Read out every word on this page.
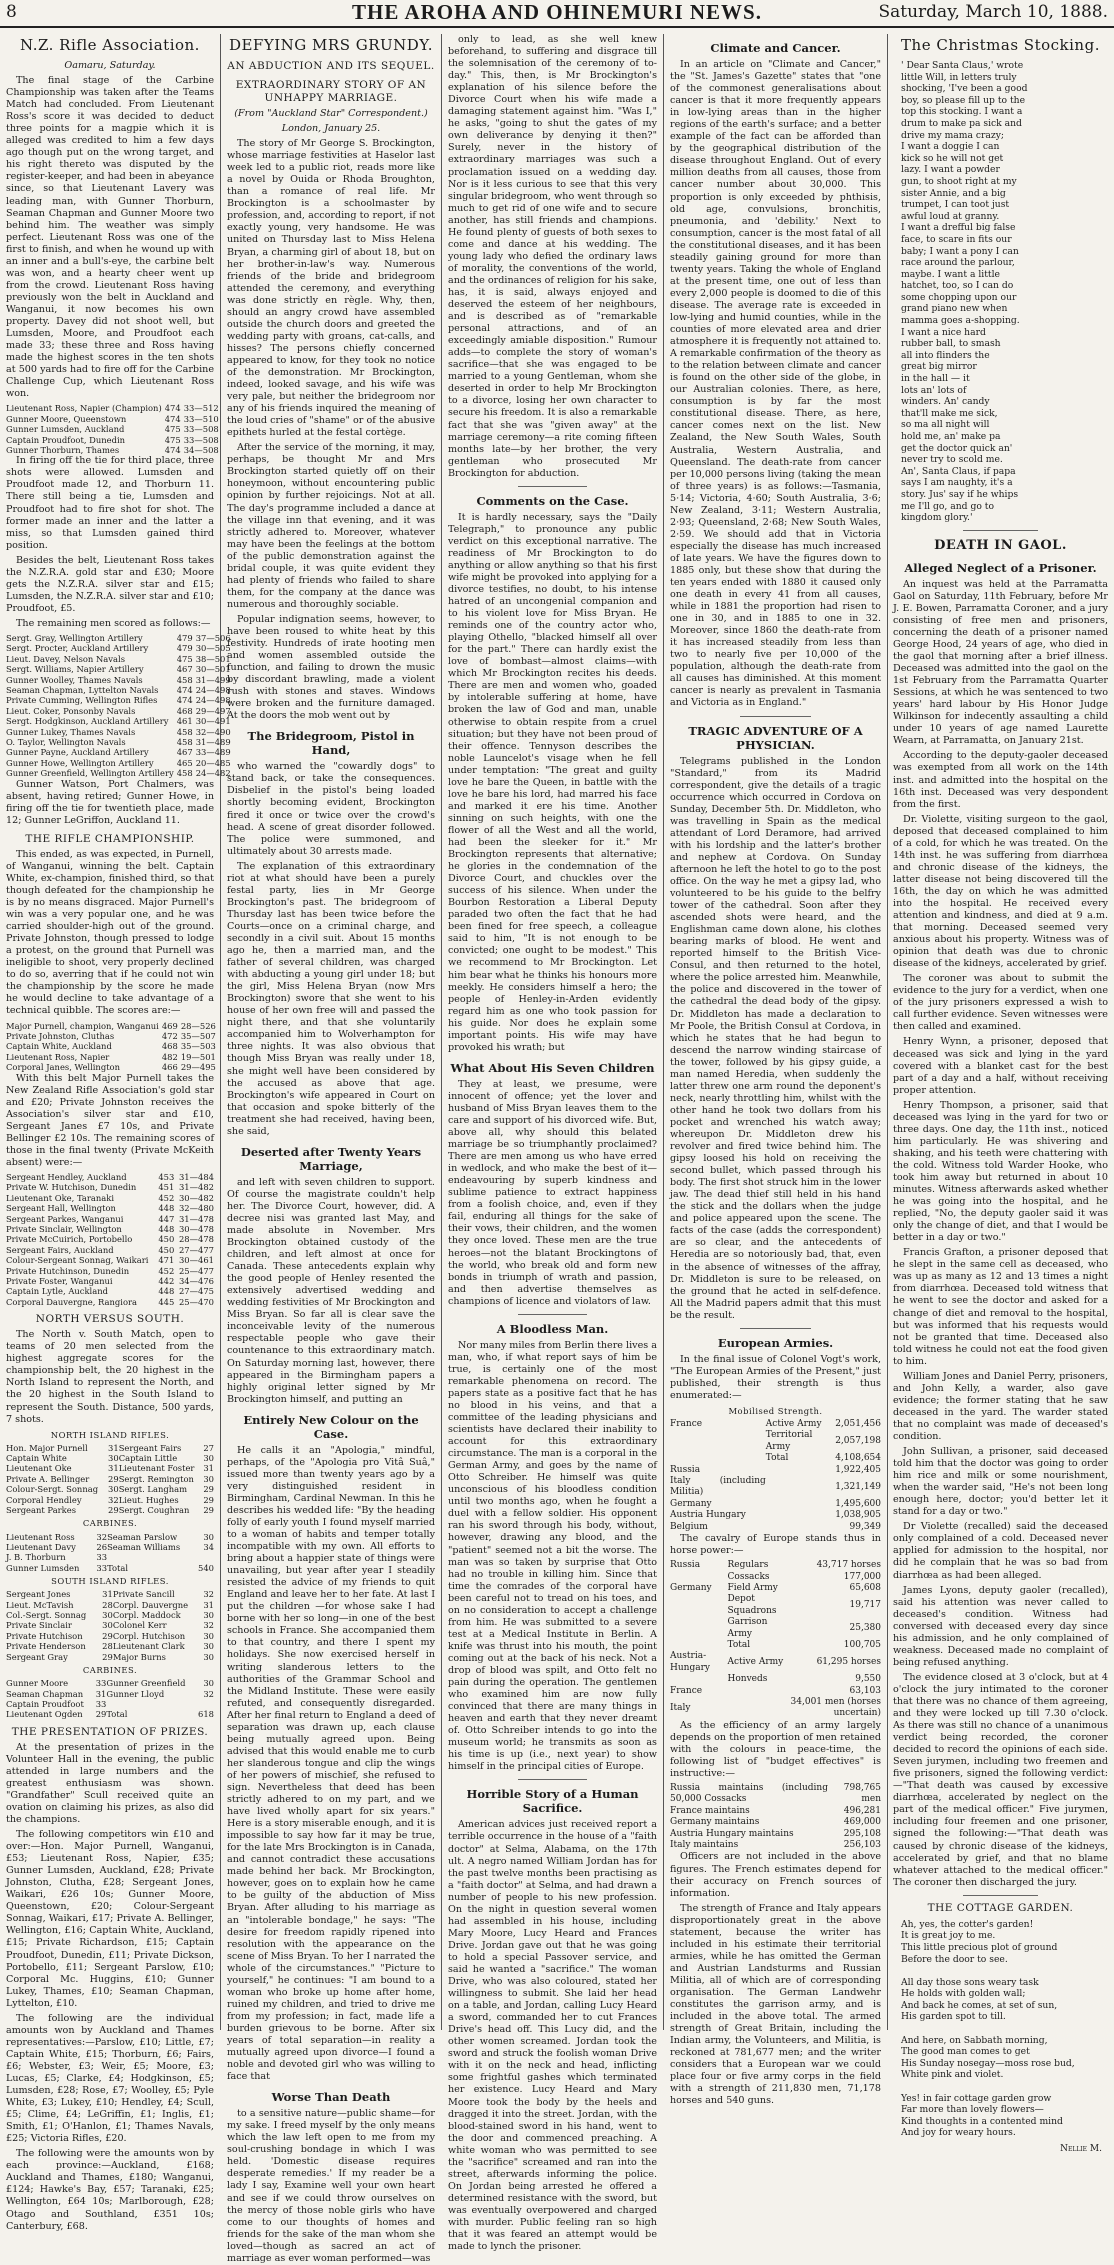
8	THE AROHA AND OHINEMURI NEWS.	Saturday, March 10, 1888.
N.Z. Rifle Association.
Oamaru, Saturday.

The final stage of the Carbine Championship was taken after the Teams Match had concluded. From Lieutenant Ross's score it was decided to deduct three points for a magpie which it is alleged was credited to him a few days ago though put on the wrong target, and his right thereto was disputed by the register-keeper, and had been in abeyance since, so that Lieutenant Lavery was leading man, with Gunner Thorburn, Seaman Chapman and Gunner Moore two behind him. The weather was simply perfect. Lieutenant Ross was one of the first to finish, and when he wound up with an inner and a bull's-eye, the carbine belt was won, and a hearty cheer went up from the crowd. Lieutenant Ross having previously won the belt in Auckland and Wanganui, it now becomes his own property. Davey did not shoot well, but Lumsden, Moore, and Proudfoot each made 33; these three and Ross having made the highest scores in the ten shots at 500 yards had to fire off for the Carbine Challenge Cup, which Lieutenant Ross won.

Lieutenant Ross, Napier (Champion)	474	33—512
Gunner Moore, Queenstown	474	33—510
Gunner Lumsden, Auckland	475	33—508
Captain Proudfoot, Dunedin	475	33—508
Gunner Thorburn, Thames	474	34—508

In firing off the tie for third place, three shots were allowed. Lumsden and Proudfoot made 12, and Thorburn 11. There still being a tie, Lumsden and Proudfoot had to fire shot for shot. The former made an inner and the latter a miss, so that Lumsden gained third position.

Besides the belt, Lieutenant Ross takes the N.Z.R.A. gold star and £30; Moore gets the N.Z.R.A. silver star and £15; Lumsden, the N.Z.R.A. silver star and £10; Proudfoot, £5.

The remaining men scored as follows:—

Sergt. Gray, Wellington Artillery	479	37—506
Sergt. Procter, Auckland Artillery	479	30—505
Lieut. Davey, Nelson Navals	475	38—501
Sergt. Williams, Napier Artillery	467	30—501
Gunner Woolley, Thames Navals	458	31—499
Seaman Chapman, Lyttelton Navals	474	24—498
Private Cumming, Wellington Rifles	474	24—498
Lieut. Coker, Ponsonby Navals	468	29—497
Sergt. Hodgkinson, Auckland Artillery	461	30—491
Gunner Lukey, Thames Navals	458	32—490
O. Taylor, Wellington Navals	458	31—489
Gunner Payne, Auckland Artillery	467	33—489
Gunner Howe, Wellington Artillery	465	20—485
Gunner Greenfield, Wellington Artillery	458	24—482

Gunner Watson, Port Chalmers, was absent, having retired; Gunner Howe, in firing off the tie for twentieth place, made 12; Gunner LeGriffon, Auckland 11.

THE RIFLE CHAMPIONSHIP.

This ended, as was expected, in Purnell, of Wanganui, winning the belt. Captain White, ex-champion, finished third, so that though defeated for the championship he is by no means disgraced. Major Purnell's win was a very popular one, and he was carried shoulder-high out of the ground. Private Johnston, though pressed to lodge a protest, on the ground that Purnell was ineligible to shoot, very properly declined to do so, averring that if he could not win the championship by the score he made he would decline to take advantage of a technical quibble. The scores are:—

Major Purnell, champion, Wanganui	469	28—526
Private Johnston, Cluthas	472	35—507
Captain White, Auckland	468	35—503
Lieutenant Ross, Napier	482	19—501
Corporal Janes, Wellington	466	29—495

With this belt Major Purnell takes the New Zealand Rifle Association's gold star and £20; Private Johnston receives the Association's silver star and £10, Sergeant Janes £7 10s, and Private Bellinger £2 10s. The remaining scores of those in the final twenty (Private McKeith absent) were:—

Sergeant Hendley, Auckland	453	31—484
Private W. Hutchison, Dunedin	451	31—482
Lieutenant Oke, Taranaki	452	30—482
Sergeant Hall, Wellington	448	32—480
Sergeant Parkes, Wanganui	447	31—478
Private Sinclair, Wellington	448	30—478
Private McCuirich, Portobello	450	28—478
Sergeant Fairs, Auckland	450	27—477
Colour-Sergeant Sonnag, Waikari	471	30—461
Private Hutchinson, Dunedin	452	25—477
Private Foster, Wanganui	442	34—476
Captain Lytle, Auckland	448	27—475
Corporal Dauvergne, Rangiora	445	25—470
NORTH VERSUS SOUTH.

The North v. South Match, open to teams of 20 men selected from the highest aggregate scores for the championship belt, the 20 highest in the North Island to represent the North, and the 20 highest in the South Island to represent the South. Distance, 500 yards, 7 shots.

NORTH ISLAND RIFLES.
Hon. Major Purnell	31	Sergeant Fairs	27
Captain White	30	Captain Little	30
Lieutenant Oke	31	Lieutenant Foster	31
Private A. Bellinger	29	Sergt. Remington	30
Colour-Sergt. Sonnag	30	Sergt. Langham	29
Corporal Hendley	32	Lieut. Hughes	29
Sergeant Parkes	29	Sergt. Coughran	29
CARBINES.
Lieutenant Ross	32	Seaman Parslow	30
Lieutenant Davy	26	Seaman Williams	34
J. B. Thorburn	33		
Gunner Lumsden	33	Total	540
SOUTH ISLAND RIFLES.
Sergeant Jones	31	Private Sancill	32
Lieut. McTavish	28	Corpl. Dauvergne	31
Col.-Sergt. Sonnag	30	Corpl. Maddock	30
Private Sinclair	30	Colonel Kerr	32
Private Hutchison	29	Corpl. Hutchison	30
Private Henderson	28	Lieutenant Clark	30
Sergeant Gray	29	Major Burns	30
CARBINES.
Gunner Moore	33	Gunner Greenfield	30
Seaman Chapman	31	Gunner Lloyd	32
Captain Proudfoot	33		
Lieutenant Ogden	29	Total	618
THE PRESENTATION OF PRIZES.

At the presentation of prizes in the Volunteer Hall in the evening, the public attended in large numbers and the greatest enthusiasm was shown. "Grandfather" Scull received quite an ovation on claiming his prizes, as also did the champions.

The following competitors win £10 and over:—Hon. Major Purnell, Wanganui, £53; Lieutenant Ross, Napier, £35; Gunner Lumsden, Auckland, £28; Private Johnston, Clutha, £28; Sergeant Jones, Waikari, £26 10s; Gunner Moore, Queenstown, £20; Colour-Sergeant Sonnag, Waikari, £17; Private A. Bellinger, Wellington, £16; Captain White, Auckland, £15; Private Richardson, £15; Captain Proudfoot, Dunedin, £11; Private Dickson, Portobello, £11; Sergeant Parslow, £10; Corporal Mc. Huggins, £10; Gunner Lukey, Thames, £10; Seaman Chapman, Lyttelton, £10.

The following are the individual amounts won by Auckland and Thames representatives:—Parslow, £10; Little, £7; Captain White, £15; Thorburn, £6; Fairs, £6; Webster, £3; Weir, £5; Moore, £3; Lucas, £5; Clarke, £4; Hodgkinson, £5; Lumsden, £28; Rose, £7; Woolley, £5; Pyle White, £3; Lukey, £10; Hendley, £4; Scull, £5; Clime, £4; LeGriffin, £1; Inglis, £1; Smith, £1; O'Hanlon, £1; Thames Navals, £25; Victoria Rifles, £20.

The following were the amounts won by each province:—Auckland, £168; Auckland and Thames, £180; Wanganui, £124; Hawke's Bay, £57; Taranaki, £25; Wellington, £64 10s; Marlborough, £28; Otago and Southland, £351 10s; Canterbury, £68.

DEFYING MRS GRUNDY.
AN ABDUCTION AND ITS SEQUEL.
EXTRAORDINARY STORY OF AN UNHAPPY MARRIAGE.
(From "Auckland Star" Correspondent.)
London, January 25.

The story of Mr George S. Brockington, whose marriage festivities at Haselor last week led to a public riot, reads more like a novel by Ouida or Rhoda Broughton, than a romance of real life. Mr Brockington is a schoolmaster by profession, and, according to report, if not exactly young, very handsome. He was united on Thursday last to Miss Helena Bryan, a charming girl of about 18, but on her brother-in-law's way. Numerous friends of the bride and bridegroom attended the ceremony, and everything was done strictly en règle. Why, then, should an angry crowd have assembled outside the church doors and greeted the wedding party with groans, cat-calls, and hisses? The persons chiefly concerned appeared to know, for they took no notice of the demonstration. Mr Brockington, indeed, looked savage, and his wife was very pale, but neither the bridegroom nor any of his friends inquired the meaning of the loud cries of "shame" or of the abusive epithets hurled at the festal cortège.

After the service of the morning, it may, perhaps, be thought Mr and Mrs Brockington started quietly off on their honeymoon, without encountering public opinion by further rejoicings. Not at all. The day's programme included a dance at the village inn that evening, and it was strictly adhered to. Moreover, whatever may have been the feelings at the bottom of the public demonstration against the bridal couple, it was quite evident they had plenty of friends who failed to share them, for the company at the dance was numerous and thoroughly sociable.

Popular indignation seems, however, to have been roused to white heat by this festivity. Hundreds of irate hooting men and women assembled outside the function, and failing to drown the music by discordant brawling, made a violent rush with stones and staves. Windows were broken and the furniture damaged. At the doors the mob went out by

The Bridegroom, Pistol in Hand,

who warned the "cowardly dogs" to stand back, or take the consequences. Disbelief in the pistol's being loaded shortly becoming evident, Brockington fired it once or twice over the crowd's head. A scene of great disorder followed. The police were summoned, and ultimately about 30 arrests made.

The explanation of this extraordinary riot at what should have been a purely festal party, lies in Mr George Brockington's past. The bridegroom of Thursday last has been twice before the Courts—once on a criminal charge, and secondly in a civil suit. About 15 months ago he, then a married man, and the father of several children, was charged with abducting a young girl under 18; but the girl, Miss Helena Bryan (now Mrs Brockington) swore that she went to his house of her own free will and passed the night there, and that she voluntarily accompanied him to Wolverhampton for three nights. It was also obvious that though Miss Bryan was really under 18, she might well have been considered by the accused as above that age. Brockington's wife appeared in Court on that occasion and spoke bitterly of the treatment she had received, having been, she said,

Deserted after Twenty Years Marriage,

and left with seven children to support. Of course the magistrate couldn't help her. The Divorce Court, however, did. A decree nisi was granted last May, and made absolute in November. Mrs Brockington obtained custody of the children, and left almost at once for Canada. These antecedents explain why the good people of Henley resented the extensively advertised wedding and wedding festivities of Mr Brockington and Miss Bryan. So far all is clear save the inconceivable levity of the numerous respectable people who gave their countenance to this extraordinary match. On Saturday morning last, however, there appeared in the Birmingham papers a highly original letter signed by Mr Brockington himself, and putting an

Entirely New Colour on the Case.

He calls it an "Apologia," mindful, perhaps, of the "Apologia pro Vitâ Suâ," issued more than twenty years ago by a very distinguished resident in Birmingham, Cardinal Newman. In this he describes his wedded life: "By the heading folly of early youth I found myself married to a woman of habits and temper totally incompatible with my own. All efforts to bring about a happier state of things were unavailing, but year after year I steadily resisted the advice of my friends to quit England and leave her to her fate. At last I put the children —for whose sake I had borne with her so long—in one of the best schools in France. She accompanied them to that country, and there I spent my holidays. She now exercised herself in writing slanderous letters to the authorities of the Grammar School and the Midland Institute. These were easily refuted, and consequently disregarded. After her final return to England a deed of separation was drawn up, each clause being mutually agreed upon. Being advised that this would enable me to curb her slanderous tongue and clip the wings of her powers of mischief, she refused to sign. Nevertheless that deed has been strictly adhered to on my part, and we have lived wholly apart for six years." Here is a story miserable enough, and it is impossible to say how far it may be true, for the late Mrs Brockington is in Canada, and cannot contradict these accusations made behind her back. Mr Brockington, however, goes on to explain how he came to be guilty of the abduction of Miss Bryan. After alluding to his marriage as an "intolerable bondage," he says: "The desire for freedom rapidly ripened into resolution with the appearance on the scene of Miss Bryan. To her I narrated the whole of the circumstances." "Picture to yourself," he continues: "I am bound to a woman who broke up home after home, ruined my children, and tried to drive me from my profession; in fact, made life a burden grievous to be borne. After six years of total separation—in reality a mutually agreed upon divorce—I found a noble and devoted girl who was willing to face that

Worse Than Death

to a sensitive nature—public shame—for my sake. I freed myself by the only means which the law left open to me from my soul-crushing bondage in which I was held. 'Domestic disease requires desperate remedies.' If my reader be a lady I say, Examine well your own heart and see if we could throw ourselves on the mercy of those noble girls who have come to our thoughts of homes and friends for the sake of the man whom she loved—though as sacred an act of marriage as ever woman performed—was

only to lead, as she well knew beforehand, to suffering and disgrace till the solemnisation of the ceremony of to-day." This, then, is Mr Brockington's explanation of his silence before the Divorce Court when his wife made a damaging statement against him. "Was I," he asks, "going to shut the gates of my own deliverance by denying it then?" Surely, never in the history of extraordinary marriages was such a proclamation issued on a wedding day. Nor is it less curious to see that this very singular bridegroom, who went through so much to get rid of one wife and to secure another, has still friends and champions. He found plenty of guests of both sexes to come and dance at his wedding. The young lady who defied the ordinary laws of morality, the conventions of the world, and the ordinances of religion for his sake, has, it is said, always enjoyed and deserved the esteem of her neighbours, and is described as of "remarkable personal attractions, and of an exceedingly amiable disposition." Rumour adds—to complete the story of woman's sacrifice—that she was engaged to be married to a young Gentleman, whom she deserted in order to help Mr Brockington to a divorce, losing her own character to secure his freedom. It is also a remarkable fact that she was "given away" at the marriage ceremony—a rite coming fifteen months late—by her brother, the very gentleman who prosecuted Mr Brockington for abduction.

Comments on the Case.

It is hardly necessary, says the "Daily Telegraph," to pronounce any public verdict on this exceptional narrative. The readiness of Mr Brockington to do anything or allow anything so that his first wife might be provoked into applying for a divorce testifies, no doubt, to his intense hatred of an uncongenial companion and to his violent love for Miss Bryan. He reminds one of the country actor who, playing Othello, "blacked himself all over for the part." There can hardly exist the love of bombast—almost claims—with which Mr Brockington recites his deeds. There are men and women who, goaded by intolerable suffering at home, have broken the law of God and man, unable otherwise to obtain respite from a cruel situation; but they have not been proud of their offence. Tennyson describes the noble Launcelot's visage when he fell under temptation: "The great and guilty love he bare the Queen, in battle with the love he bare his lord, had marred his face and marked it ere his time. Another sinning on such heights, with one the flower of all the West and all the world, had been the sleeker for it." Mr Brockington represents that alternative; he glories in the condemnation of the Divorce Court, and chuckles over the success of his silence. When under the Bourbon Restoration a Liberal Deputy paraded two often the fact that he had been fined for free speech, a colleague said to him, "It is not enough to be convicted; one ought to be modest." This we recommend to Mr Brockington. Let him bear what he thinks his honours more meekly. He considers himself a hero; the people of Henley-in-Arden evidently regard him as one who took passion for his guide. Nor does he explain some important points. His wife may have provoked his wrath; but

What About His Seven Children

They at least, we presume, were innocent of offence; yet the lover and husband of Miss Bryan leaves them to the care and support of his divorced wife. But, above all, why should this belated marriage be so triumphantly proclaimed? There are men among us who have erred in wedlock, and who make the best of it—endeavouring by superb kindness and sublime patience to extract happiness from a foolish choice, and, even if they fail, enduring all things for the sake of their vows, their children, and the women they once loved. These men are the true heroes—not the blatant Brockingtons of the world, who break old and form new bonds in triumph of wrath and passion, and then advertise themselves as champions of licence and violators of law.

A Bloodless Man.

Nor many miles from Berlin there lives a man, who, if what report says of him be true, is certainly one of the most remarkable phenomena on record. The papers state as a positive fact that he has no blood in his veins, and that a committee of the leading physicians and scientists have declared their inability to account for this extraordinary circumstance. The man is a corporal in the German Army, and goes by the name of Otto Schreiber. He himself was quite unconscious of his bloodless condition until two months ago, when he fought a duel with a fellow soldier. His opponent ran his sword through his body, without, however, drawing any blood, and the "patient" seemed not a bit the worse. The man was so taken by surprise that Otto had no trouble in killing him. Since that time the comrades of the corporal have been careful not to tread on his toes, and on no consideration to accept a challenge from him. He was submitted to a severe test at a Medical Institute in Berlin. A knife was thrust into his mouth, the point coming out at the back of his neck. Not a drop of blood was spilt, and Otto felt no pain during the operation. The gentlemen who examined him are now fully convinced that there are many things in heaven and earth that they never dreamt of. Otto Schreiber intends to go into the museum world; he transmits as soon as his time is up (i.e., next year) to show himself in the principal cities of Europe.

Horrible Story of a Human Sacrifice.

American advices just received report a terrible occurrence in the house of a "faith doctor" at Selma, Alabama, on the 17th ult. A negro named William Jordan has for the past twelve months been practising as a "faith doctor" at Selma, and had drawn a number of people to his new profession. On the night in question several women had assembled in his house, including Mary Moore, Lucy Heard and Frances Drive. Jordan gave out that he was going to hold a special Passover service, and said he wanted a "sacrifice." The woman Drive, who was also coloured, stated her willingness to submit. She laid her head on a table, and Jordan, calling Lucy Heard a sword, commanded her to cut Frances Drive's head off. This Lucy did, and the other women screamed. Jordan took the sword and struck the foolish woman Drive with it on the neck and head, inflicting some frightful gashes which terminated her existence. Lucy Heard and Mary Moore took the body by the heels and dragged it into the street. Jordan, with the blood-stained sword in his hand, went to the door and commenced preaching. A white woman who was permitted to see the "sacrifice" screamed and ran into the street, afterwards informing the police. On Jordan being arrested he offered a determined resistance with the sword, but was eventually overpowered and charged with murder. Public feeling ran so high that it was feared an attempt would be made to lynch the prisoner.

Climate and Cancer.

In an article on "Climate and Cancer," the "St. James's Gazette" states that "one of the commonest generalisations about cancer is that it more frequently appears in low-lying areas than in the higher regions of the earth's surface; and a better example of the fact can be afforded than by the geographical distribution of the disease throughout England. Out of every million deaths from all causes, those from cancer number about 30,000. This proportion is only exceeded by phthisis, old age, convulsions, bronchitis, pneumonia, and 'debility.' Next to consumption, cancer is the most fatal of all the constitutional diseases, and it has been steadily gaining ground for more than twenty years. Taking the whole of England at the present time, one out of less than every 2,000 people is doomed to die of this disease. The average rate is exceeded in low-lying and humid counties, while in the counties of more elevated area and drier atmosphere it is frequently not attained to. A remarkable confirmation of the theory as to the relation between climate and cancer is found on the other side of the globe, in our Australian colonies. There, as here, consumption is by far the most constitutional disease. There, as here, cancer comes next on the list. New Zealand, the New South Wales, South Australia, Western Australia, and Queensland. The death-rate from cancer per 10,000 persons living (taking the mean of three years) is as follows:—Tasmania, 5·14; Victoria, 4·60; South Australia, 3·6; New Zealand, 3·11; Western Australia, 2·93; Queensland, 2·68; New South Wales, 2·59. We should add that in Victoria especially the disease has much increased of late years. We have the figures down to 1885 only, but these show that during the ten years ended with 1880 it caused only one death in every 41 from all causes, while in 1881 the proportion had risen to one in 30, and in 1885 to one in 32. Moreover, since 1860 the death-rate from it has increased steadily from less than two to nearly five per 10,000 of the population, although the death-rate from all causes has diminished. At this moment cancer is nearly as prevalent in Tasmania and Victoria as in England."

TRAGIC ADVENTURE OF A PHYSICIAN.

Telegrams published in the London "Standard," from its Madrid correspondent, give the details of a tragic occurrence which occurred in Cordova on Sunday, December 5th. Dr. Middleton, who was travelling in Spain as the medical attendant of Lord Deramore, had arrived with his lordship and the latter's brother and nephew at Cordova. On Sunday afternoon he left the hotel to go to the post office. On the way he met a gipsy lad, who volunteered to be his guide to the belfry tower of the cathedral. Soon after they ascended shots were heard, and the Englishman came down alone, his clothes bearing marks of blood. He went and reported himself to the British Vice-Consul, and then returned to the hotel, where the police arrested him. Meanwhile, the police and discovered in the tower of the cathedral the dead body of the gipsy. Dr. Middleton has made a declaration to Mr Poole, the British Consul at Cordova, in which he states that he had begun to descend the narrow winding staircase of the tower, followed by his gipsy guide, a man named Heredia, when suddenly the latter threw one arm round the deponent's neck, nearly throttling him, whilst with the other hand he took two dollars from his pocket and wrenched his watch away; whereupon Dr. Middleton drew his revolver and fired twice behind him. The gipsy loosed his hold on receiving the second bullet, which passed through his body. The first shot struck him in the lower jaw. The dead thief still held in his hand the stick and the dollars when the judge and police appeared upon the scene. The facts of the case (adds the correspondent) are so clear, and the antecedents of Heredia are so notoriously bad, that, even in the absence of witnesses of the affray, Dr. Middleton is sure to be released, on the ground that he acted in self-defence. All the Madrid papers admit that this must be the result.

European Armies.

In the final issue of Colonel Vogt's work, "The European Armies of the Present," just published, their strength is thus enumerated:—

Mobilised Strength.
France	Active Army	2,051,456
	Territorial Army	2,057,198
	Total	4,108,654
Russia		1,922,405
Italy (including Militia)		1,321,149
Germany		1,495,600
Austria Hungary		1,038,905
Belgium		99,349

The cavalry of Europe stands thus in horse power:—

Russia	Regulars	43,717 horses
	Cossacks	177,000
Germany	Field Army	65,608
	Depot Squadrons	19,717
	Garrison Army	25,380
	Total	100,705
Austria-Hungary	Active Army	61,295 horses
	Honveds	9,550
France		63,103
Italy		34,001 men (horses uncertain)

As the efficiency of an army largely depends on the proportion of men retained with the colours in peace-time, the following list of "budget effectives" is instructive:—

Russia maintains (including 50,000 Cossacks	798,765 men
France maintains	496,281
Germany maintains	469,000
Austria Hungary maintains	295,108
Italy maintains	256,103

Officers are not included in the above figures. The French estimates depend for their accuracy on French sources of information.

The strength of France and Italy appears disproportionately great in the above statement, because the writer has included in his estimate their territorial armies, while he has omitted the German and Austrian Landsturms and Russian Militia, all of which are of corresponding organisation. The German Landwehr constitutes the garrison army, and is included in the above total. The armed strength of Great Britain, including the Indian army, the Volunteers, and Militia, is reckoned at 781,677 men; and the writer considers that a European war we could place four or five army corps in the field with a strength of 211,830 men, 71,178 horses and 540 guns.

The Christmas Stocking.
' Dear Santa Claus,' wrote
little Will, in letters truly
shocking, 'I've been a good
boy, so please fill up to the
top this stocking. I want a
drum to make pa sick and
drive my mama crazy;
I want a doggie I can
kick so he will not get
lazy. I want a powder
gun, to shoot right at my
sister Annie, and a big
trumpet, I can toot just
awful loud at granny.
I want a drefful big false
face, to scare in fits our
baby; I want a pony I can
race around the parlour,
maybe. I want a little
hatchet, too, so I can do
some chopping upon our
grand piano new when
mamma goes a-shopping.
I want a nice hard
rubber ball, to smash
all into flinders the
great big mirror
in the hall — it
lots an' lots of
winders. An' candy
that'll make me sick,
so ma all night will
hold me, an' make pa
get the doctor quick an'
never try to scold me.
An', Santa Claus, if papa
says I am naughty, it's a
story. Jus' say if he whips
me I'll go, and go to
kingdom glory.'
DEATH IN GAOL.
Alleged Neglect of a Prisoner.

An inquest was held at the Parramatta Gaol on Saturday, 11th February, before Mr J. E. Bowen, Parramatta Coroner, and a jury consisting of free men and prisoners, concerning the death of a prisoner named George Hood, 24 years of age, who died in the gaol that morning after a brief illness. Deceased was admitted into the gaol on the 1st February from the Parramatta Quarter Sessions, at which he was sentenced to two years' hard labour by His Honor Judge Wilkinson for indecently assaulting a child under 10 years of age named Laurette Wearn, at Parramatta, on January 21st.

According to the deputy-gaoler deceased was exempted from all work on the 14th inst. and admitted into the hospital on the 16th inst. Deceased was very despondent from the first.

Dr. Violette, visiting surgeon to the gaol, deposed that deceased complained to him of a cold, for which he was treated. On the 14th inst. he was suffering from diarrhœa and chronic disease of the kidneys, the latter disease not being discovered till the 16th, the day on which he was admitted into the hospital. He received every attention and kindness, and died at 9 a.m. that morning. Deceased seemed very anxious about his property. Witness was of opinion that death was due to chronic disease of the kidneys, accelerated by grief.

The coroner was about to submit the evidence to the jury for a verdict, when one of the jury prisoners expressed a wish to call further evidence. Seven witnesses were then called and examined.

Henry Wynn, a prisoner, deposed that deceased was sick and lying in the yard covered with a blanket cast for the best part of a day and a half, without receiving proper attention.

Henry Thompson, a prisoner, said that deceased was lying in the yard for two or three days. One day, the 11th inst., noticed him particularly. He was shivering and shaking, and his teeth were chattering with the cold. Witness told Warder Hooke, who took him away but returned in about 10 minutes. Witness afterwards asked whether he was going into the hospital, and he replied, "No, the deputy gaoler said it was only the change of diet, and that I would be better in a day or two."

Francis Grafton, a prisoner deposed that he slept in the same cell as deceased, who was up as many as 12 and 13 times a night from diarrhœa. Deceased told witness that he went to see the doctor and asked for a change of diet and removal to the hospital, but was informed that his requests would not be granted that time. Deceased also told witness he could not eat the food given to him.

William Jones and Daniel Perry, prisoners, and John Kelly, a warder, also gave evidence; the former stating that he saw deceased in the yard. The warder stated that no complaint was made of deceased's condition.

John Sullivan, a prisoner, said deceased told him that the doctor was going to order him rice and milk or some nourishment, when the warder said, "He's not been long enough here, doctor; you'd better let it stand for a day or two."

Dr Violette (recalled) said the deceased only complained of a cold. Deceased never applied for admission to the hospital, nor did he complain that he was so bad from diarrhœa as had been alleged.

James Lyons, deputy gaoler (recalled), said his attention was never called to deceased's condition. Witness had conversed with deceased every day since his admission, and he only complained of weakness. Deceased made no complaint of being refused anything.

The evidence closed at 3 o'clock, but at 4 o'clock the jury intimated to the coroner that there was no chance of them agreeing, and they were locked up till 7.30 o'clock. As there was still no chance of a unanimous verdict being recorded, the coroner decided to record the opinions of each side. Seven jurymen, including two freemen and five prisoners, signed the following verdict:—"That death was caused by excessive diarrhœa, accelerated by neglect on the part of the medical officer." Five jurymen, including four freemen and one prisoner, signed the following:—"That death was caused by chronic disease of the kidneys, accelerated by grief, and that no blame whatever attached to the medical officer." The coroner then discharged the jury.

THE COTTAGE GARDEN.
Ah, yes, the cotter's garden!
It is great joy to me.
This little precious plot of ground
Before the door to see.

All day those sons weary task
He holds with golden wall;
And back he comes, at set of sun,
His garden spot to till.

And here, on Sabbath morning,
The good man comes to get
His Sunday nosegay—moss rose bud,
White pink and violet.

Yes! in fair cottage garden grow
Far more than lovely flowers—
Kind thoughts in a contented mind
And joy for weary hours.
Nellie M.
